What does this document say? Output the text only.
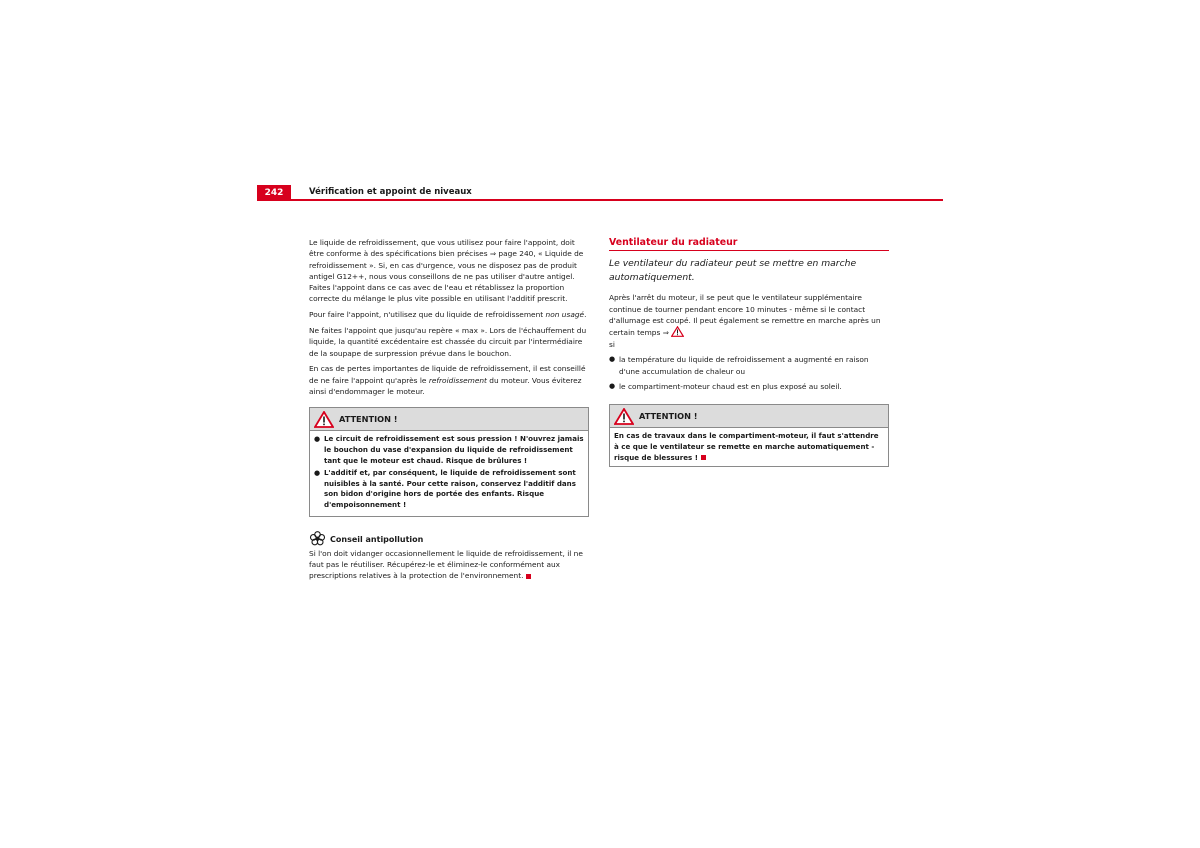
242	Vérification et appoint de niveaux

Le liquide de refroidissement, que vous utilisez pour faire l'appoint, doit être conforme à des spécifications bien précises ⇒ page 240, « Liquide de refroidissement ». Si, en cas d'urgence, vous ne disposez pas de produit antigel G12++, nous vous conseillons de ne pas utiliser d'autre antigel. Faites l'appoint dans ce cas avec de l'eau et rétablissez la proportion correcte du mélange le plus vite possible en utilisant l'additif prescrit.

Pour faire l'appoint, n'utilisez que du liquide de refroidissement non usagé.

Ne faites l'appoint que jusqu'au repère « max ». Lors de l'échauffement du liquide, la quantité excédentaire est chassée du circuit par l'intermédiaire de la soupape de surpression prévue dans le bouchon.

En cas de pertes importantes de liquide de refroidissement, il est conseillé de ne faire l'appoint qu'après le refroidissement du moteur. Vous éviterez ainsi d'endommager le moteur.

ATTENTION !
● Le circuit de refroidissement est sous pression ! N'ouvrez jamais le bouchon du vase d'expansion du liquide de refroidissement tant que le moteur est chaud. Risque de brûlures !
● L'additif et, par conséquent, le liquide de refroidissement sont nuisibles à la santé. Pour cette raison, conservez l'additif dans son bidon d'origine hors de portée des enfants. Risque d'empoisonnement !
Conseil antipollution

Si l'on doit vidanger occasionnellement le liquide de refroidissement, il ne faut pas le réutiliser. Récupérez-le et éliminez-le conformément aux prescriptions relatives à la protection de l'environnement.

Ventilateur du radiateur

Le ventilateur du radiateur peut se mettre en marche automatiquement.

Après l'arrêt du moteur, il se peut que le ventilateur supplémentaire continue de tourner pendant encore 10 minutes - même si le contact d'allumage est coupé. Il peut également se remettre en marche après un certain temps ⇒
si

● la température du liquide de refroidissement a augmenté en raison d'une accumulation de chaleur ou
● le compartiment-moteur chaud est en plus exposé au soleil.
ATTENTION !
En cas de travaux dans le compartiment-moteur, il faut s'attendre à ce que le ventilateur se remette en marche automatiquement - risque de blessures !
